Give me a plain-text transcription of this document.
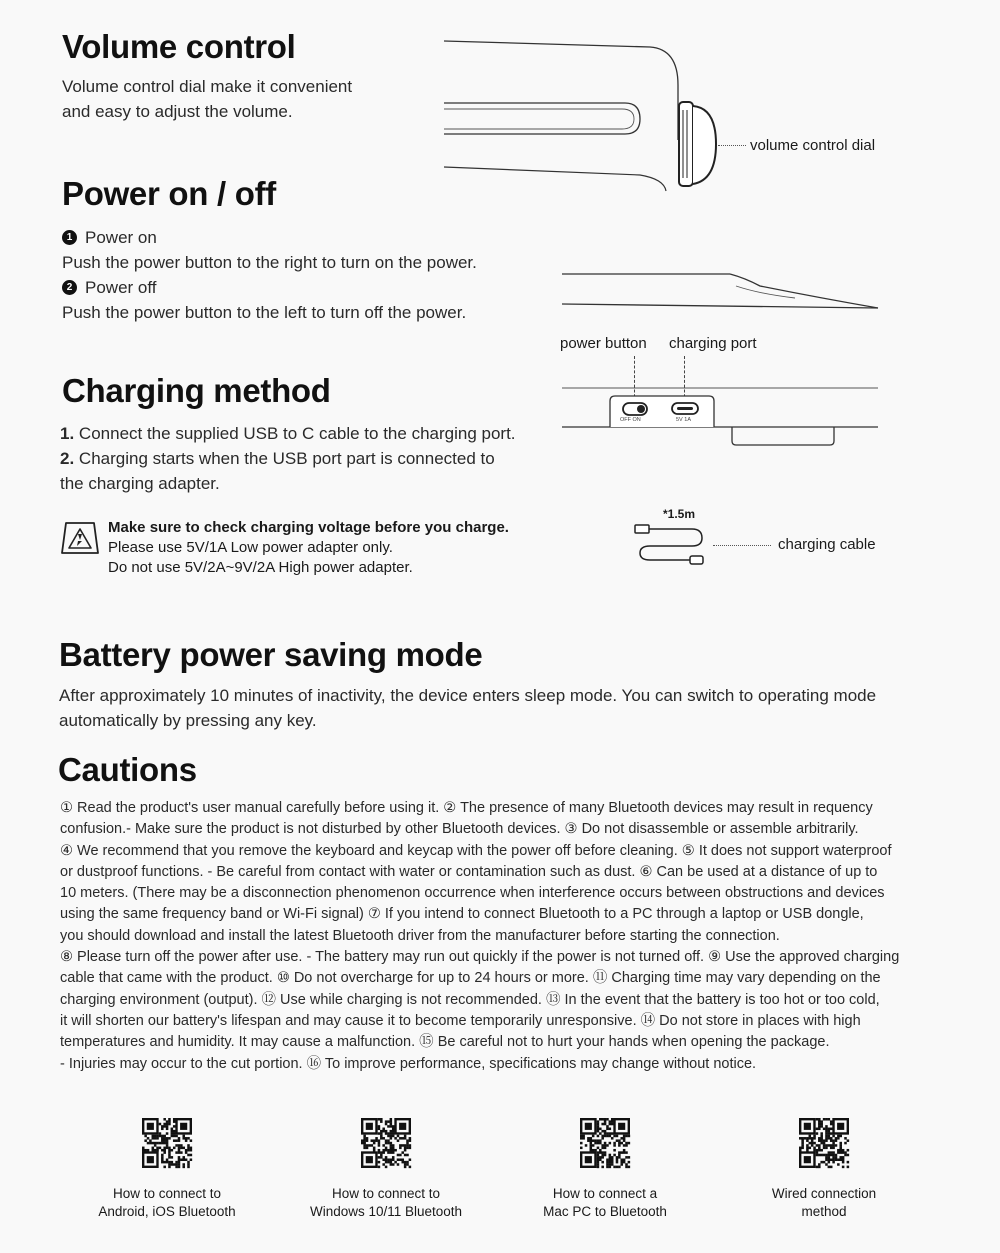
Volume control
Volume control dial make it convenient
and easy to adjust the volume.
volume control dial
Power on / off
1 Power on
Push the power button to the right to turn on the power.
2 Power off
Push the power button to the left to turn off the power.
power button charging port
OFF ON	5V 1A
Charging method
1. Connect the supplied USB to C cable to the charging port.
2. Charging starts when the USB port part is connected to
the charging adapter.
Make sure to check charging voltage before you charge.
Please use 5V/1A Low power adapter only.
Do not use 5V/2A~9V/2A High power adapter.
*1.5m
charging cable
Battery power saving mode
After approximately 10 minutes of inactivity, the device enters sleep mode. You can switch to operating mode
automatically by pressing any key.
Cautions
① Read the product's user manual carefully before using it. ② The presence of many Bluetooth devices may result in requency
confusion.- Make sure the product is not disturbed by other Bluetooth devices. ③ Do not disassemble or assemble arbitrarily.
④ We recommend that you remove the keyboard and keycap with the power off before cleaning. ⑤ It does not support waterproof
or dustproof functions. - Be careful from contact with water or contamination such as dust. ⑥ Can be used at a distance of up to
10 meters. (There may be a disconnection phenomenon occurrence when interference occurs between obstructions and devices
using the same frequency band or Wi-Fi signal) ⑦ If you intend to connect Bluetooth to a PC through a laptop or USB dongle,
you should download and install the latest Bluetooth driver from the manufacturer before starting the connection.
⑧ Please turn off the power after use. - The battery may run out quickly if the power is not turned off. ⑨ Use the approved charging
cable that came with the product. ⑩ Do not overcharge for up to 24 hours or more. ⑪ Charging time may vary depending on the
charging environment (output). ⑫ Use while charging is not recommended. ⑬ In the event that the battery is too hot or too cold,
it will shorten our battery's lifespan and may cause it to become temporarily unresponsive. ⑭ Do not store in places with high
temperatures and humidity. It may cause a malfunction. ⑮ Be careful not to hurt your hands when opening the package.
- Injuries may occur to the cut portion. ⑯ To improve performance, specifications may change without notice.
How to connect to
Android, iOS Bluetooth
How to connect to
Windows 10/11 Bluetooth
How to connect a
Mac PC to Bluetooth
Wired connection
method
